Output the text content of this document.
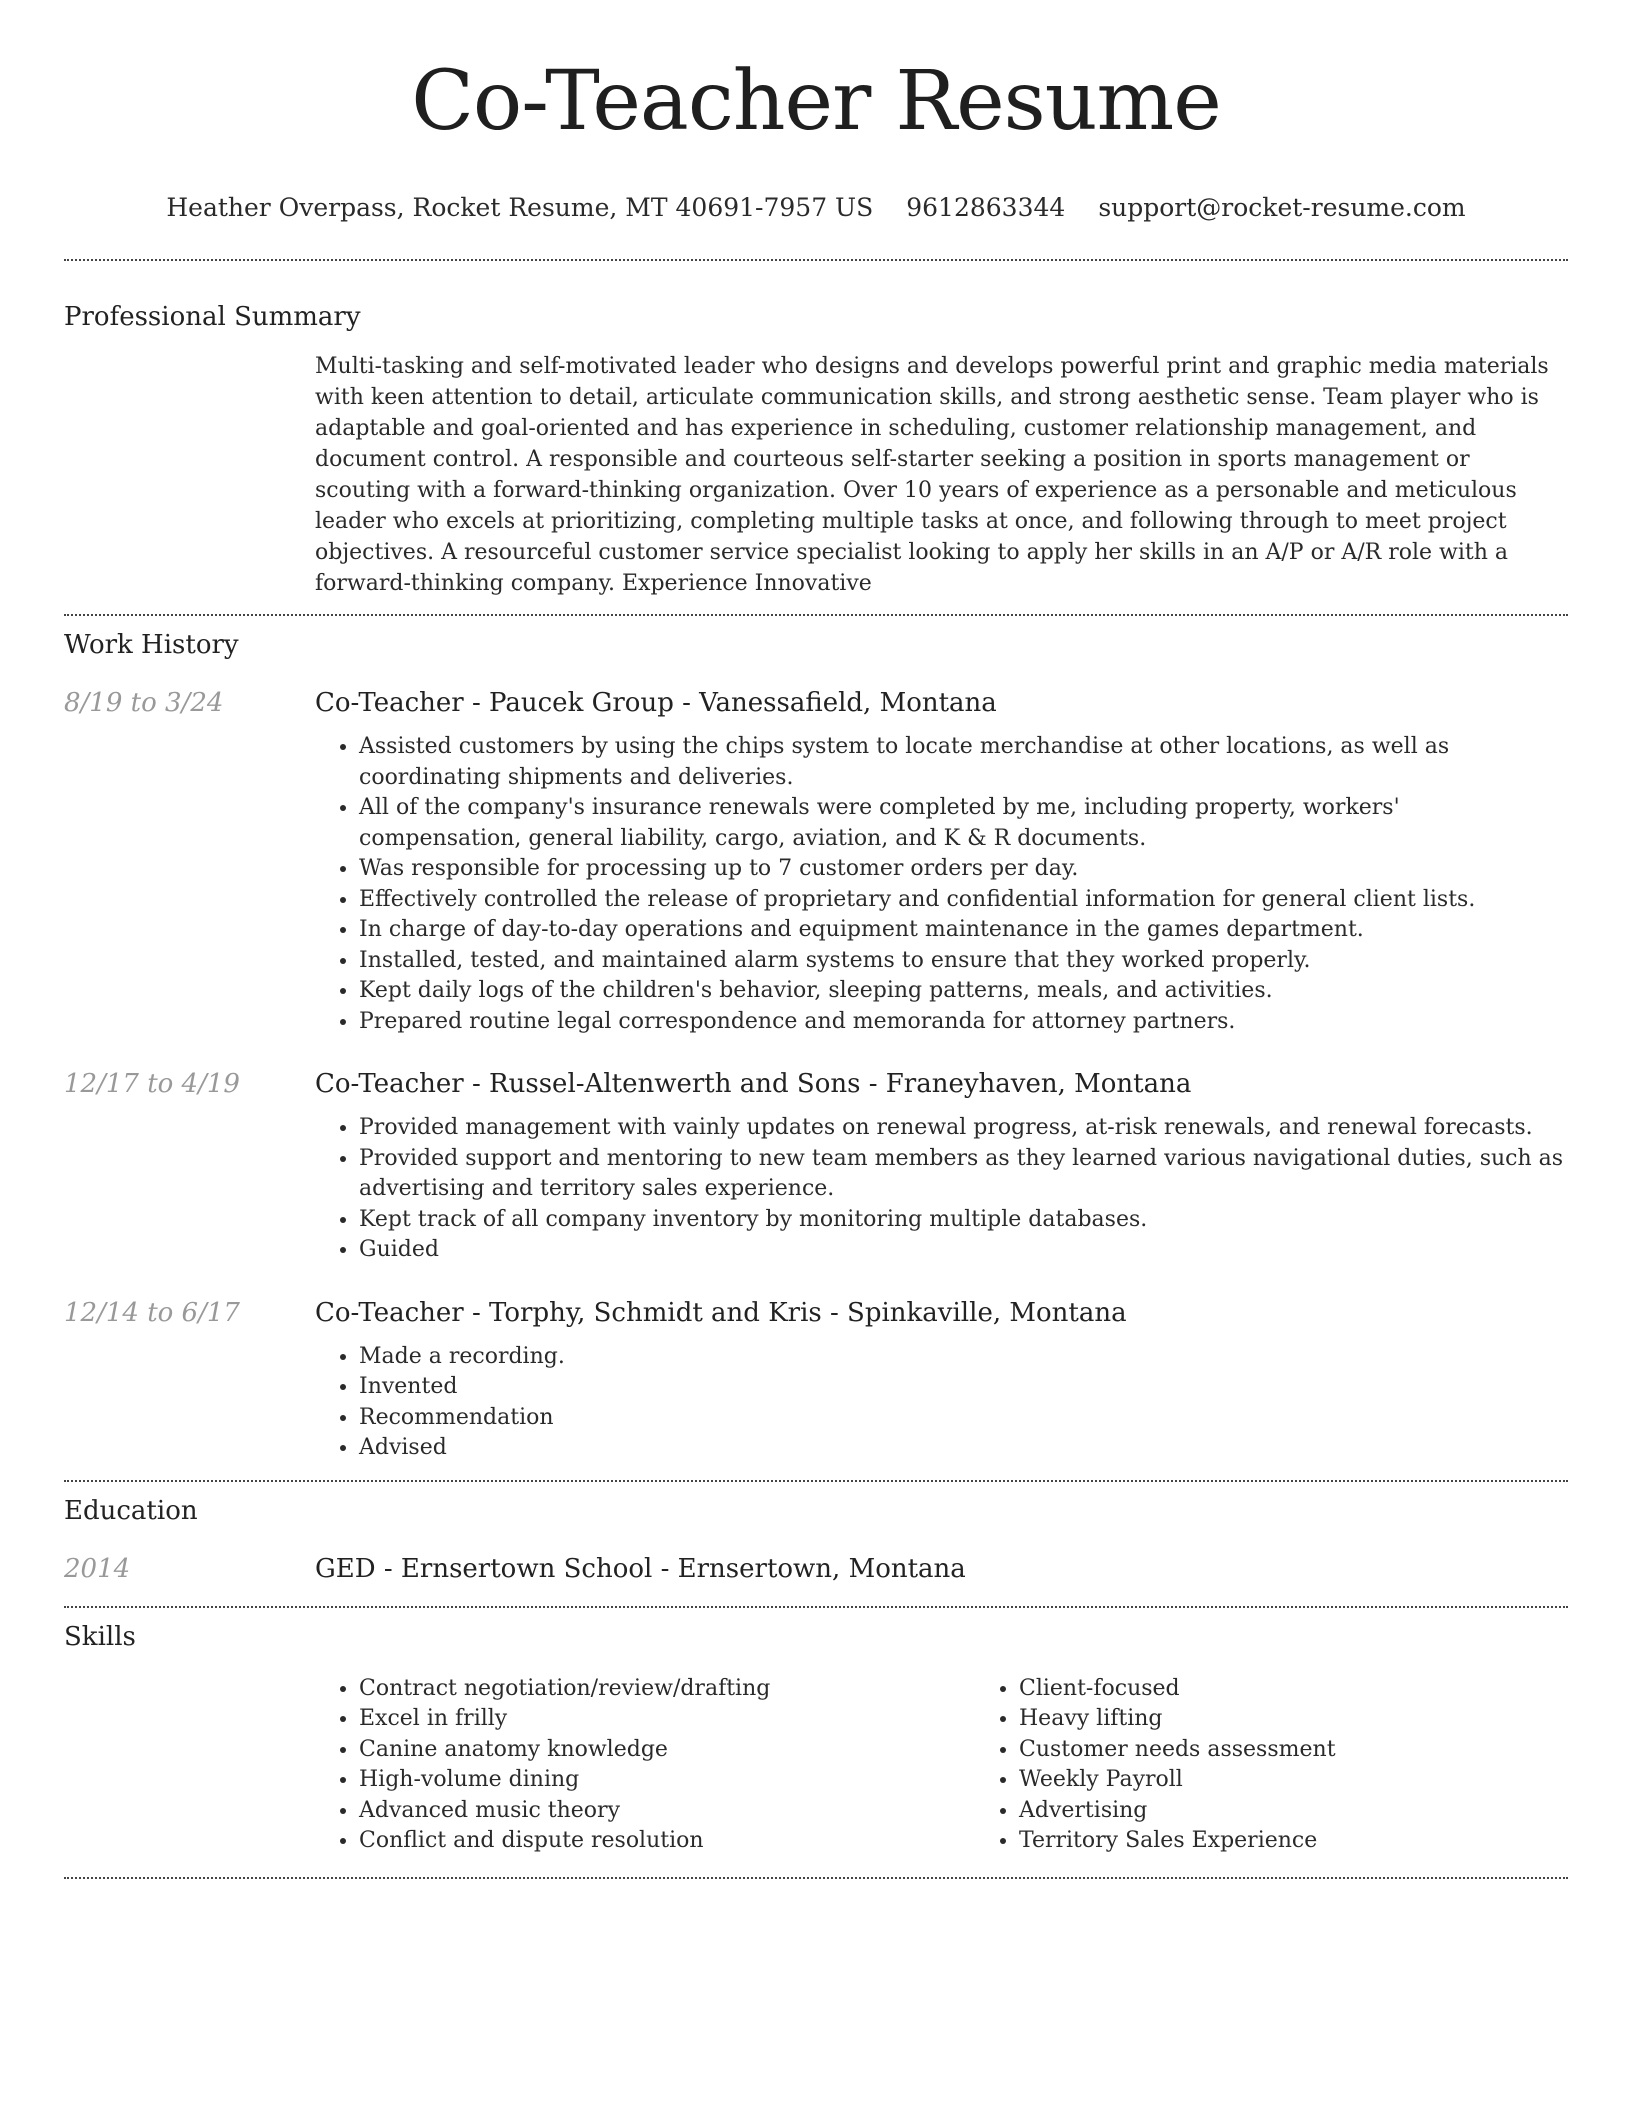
Co-Teacher Resume
Heather Overpass, Rocket Resume, MT 40691-7957 US 9612863344 support@rocket-resume.com
Professional Summary

Multi-tasking and self-motivated leader who designs and develops powerful print and graphic media materials with keen attention to detail, articulate communication skills, and strong aesthetic sense. Team player who is adaptable and goal-oriented and has experience in scheduling, customer relationship management, and document control. A responsible and courteous self-starter seeking a position in sports management or scouting with a forward-thinking organization. Over 10 years of experience as a personable and meticulous leader who excels at prioritizing, completing multiple tasks at once, and following through to meet project objectives. A resourceful customer service specialist looking to apply her skills in an A/P or A/R role with a forward-thinking company. Experience Innovative

Work History
8/19 to 3/24	Co-Teacher - Paucek Group - Vanessafield, Montana
• Assisted customers by using the chips system to locate merchandise at other locations, as well as coordinating shipments and deliveries.
• All of the company's insurance renewals were completed by me, including property, workers' compensation, general liability, cargo, aviation, and K & R documents.
• Was responsible for processing up to 7 customer orders per day.
• Effectively controlled the release of proprietary and confidential information for general client lists.
• In charge of day-to-day operations and equipment maintenance in the games department.
• Installed, tested, and maintained alarm systems to ensure that they worked properly.
• Kept daily logs of the children's behavior, sleeping patterns, meals, and activities.
• Prepared routine legal correspondence and memoranda for attorney partners.
12/17 to 4/19	Co-Teacher - Russel-Altenwerth and Sons - Franeyhaven, Montana
• Provided management with vainly updates on renewal progress, at-risk renewals, and renewal forecasts.
• Provided support and mentoring to new team members as they learned various navigational duties, such as advertising and territory sales experience.
• Kept track of all company inventory by monitoring multiple databases.
• Guided
12/14 to 6/17	Co-Teacher - Torphy, Schmidt and Kris - Spinkaville, Montana
• Made a recording.
• Invented
• Recommendation
• Advised
Education
2014	GED - Ernsertown School - Ernsertown, Montana
Skills
• Contract negotiation/review/drafting
• Excel in frilly
• Canine anatomy knowledge
• High-volume dining
• Advanced music theory
• Conflict and dispute resolution
• Client-focused
• Heavy lifting
• Customer needs assessment
• Weekly Payroll
• Advertising
• Territory Sales Experience
